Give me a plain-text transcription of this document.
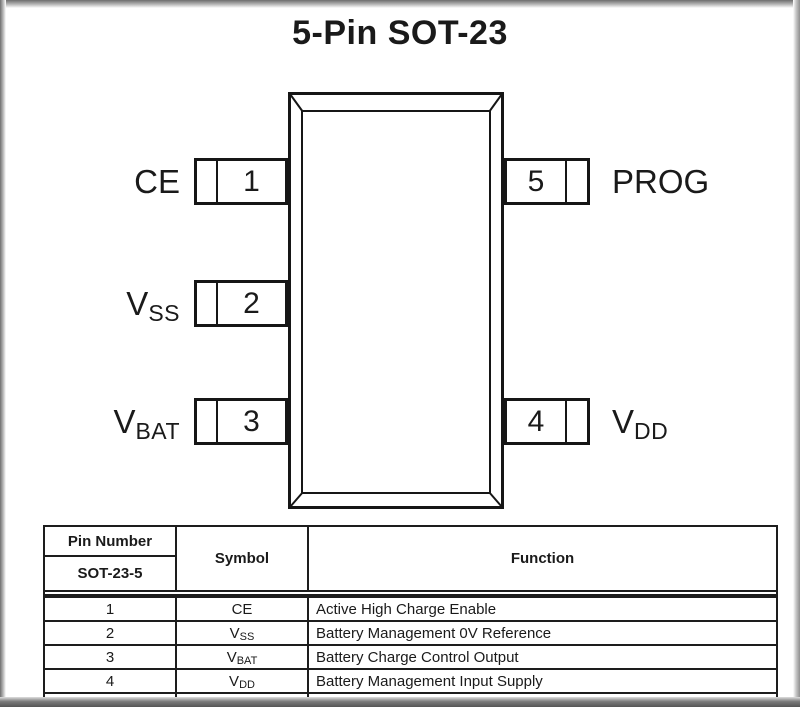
5-Pin SOT-23
1
2
3
5
4
CE
V SS
V BAT
PROG
V DD
Pin Number
SOT-23-5
Symbol	Function
1	CE	Active High Charge Enable
2	V SS	Battery Management 0V Reference
3	V BAT	Battery Charge Control Output
4	V DD	Battery Management Input Supply
